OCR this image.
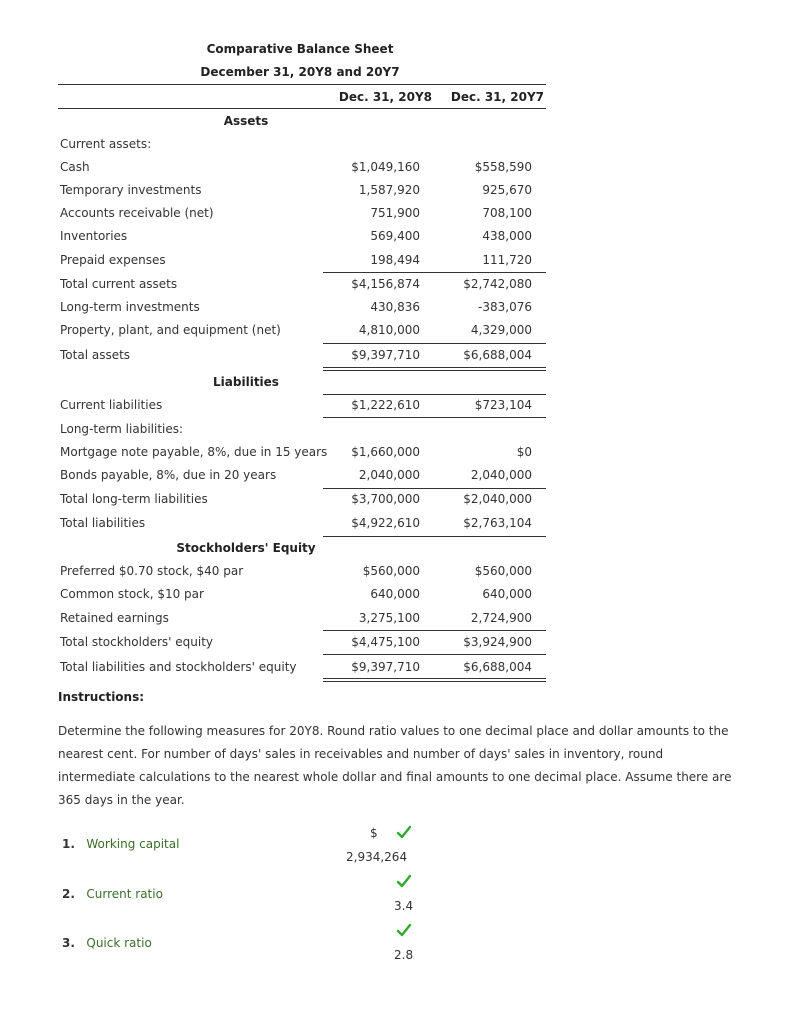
Comparative Balance Sheet
December 31, 20Y8 and 20Y7
Dec. 31, 20Y8	Dec. 31, 20Y7
Assets
Current assets:
Cash	$1,049,160	$558,590
Temporary investments	1,587,920	925,670
Accounts receivable (net)	751,900	708,100
Inventories	569,400	438,000
Prepaid expenses	198,494	111,720
Total current assets	$4,156,874	$2,742,080
Long-term investments	430,836	-383,076
Property, plant, and equipment (net)	4,810,000	4,329,000
Total assets	$9,397,710	$6,688,004
Liabilities
Current liabilities	$1,222,610	$723,104
Long-term liabilities:
Mortgage note payable, 8%, due in 15 years	$1,660,000	$0
Bonds payable, 8%, due in 20 years	2,040,000	2,040,000
Total long-term liabilities	$3,700,000	$2,040,000
Total liabilities	$4,922,610	$2,763,104
Stockholders' Equity
Preferred $0.70 stock, $40 par	$560,000	$560,000
Common stock, $10 par	640,000	640,000
Retained earnings	3,275,100	2,724,900
Total stockholders' equity	$4,475,100	$3,924,900
Total liabilities and stockholders' equity	$9,397,710	$6,688,004
Instructions:
Determine the following measures for 20Y8. Round ratio values to one decimal place and dollar amounts to the nearest cent. For number of days' sales in receivables and number of days' sales in inventory, round intermediate calculations to the nearest whole dollar and final amounts to one decimal place. Assume there are 365 days in the year.
1. Working capital
$
2,934,264
2. Current ratio
3.4
3. Quick ratio
2.8
